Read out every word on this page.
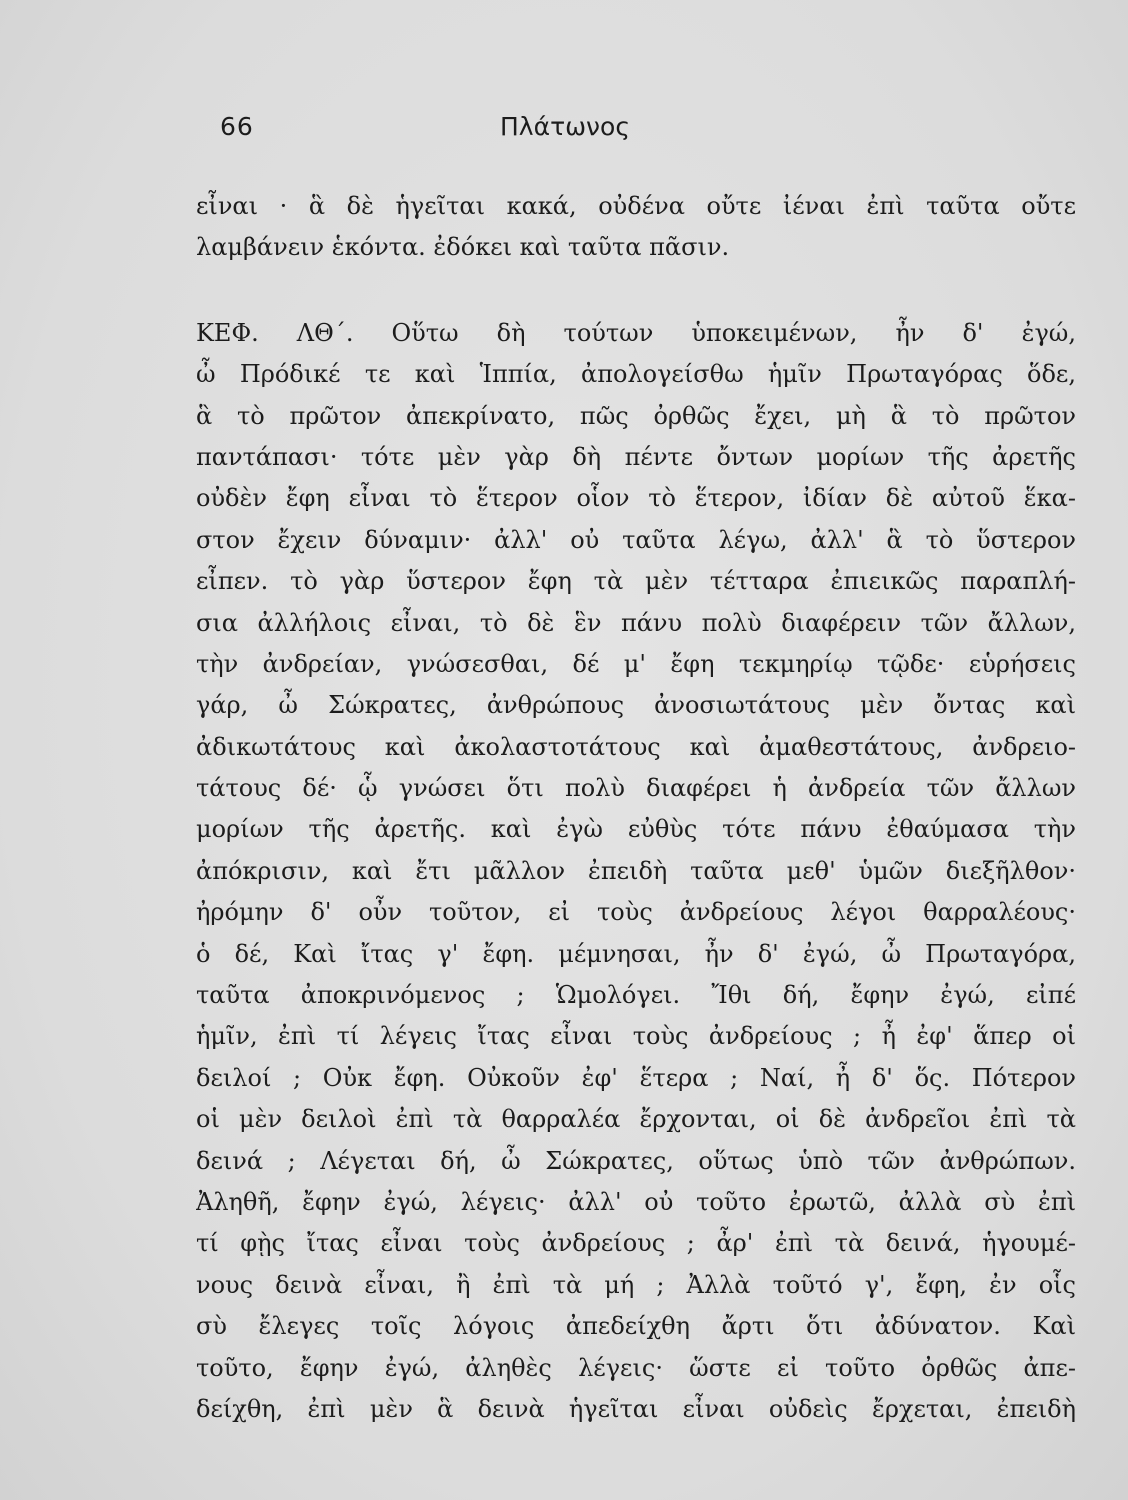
66	Πλάτωνος
εἶναι · ἃ δὲ ἡγεῖται κακά, οὐδένα οὔτε ἰέναι ἐπὶ ταῦτα οὔτε
λαμβάνειν ἑκόντα. ἐδόκει καὶ ταῦτα πᾶσιν.
ΚΕΦ. ΛΘ΄. Οὕτω δὴ τούτων ὑποκειμένων, ἦν δ' ἐγώ,
ὦ Πρόδικέ τε καὶ Ἱππία, ἀπολογείσθω ἡμῖν Πρωταγόρας ὅδε,
ἃ τὸ πρῶτον ἀπεκρίνατο, πῶς ὀρθῶς ἔχει, μὴ ἃ τὸ πρῶτον
παντάπασι· τότε μὲν γὰρ δὴ πέντε ὄντων μορίων τῆς ἀρετῆς
οὐδὲν ἔφη εἶναι τὸ ἕτερον οἷον τὸ ἕτερον, ἰδίαν δὲ αὐτοῦ ἕκα-
στον ἔχειν δύναμιν· ἀλλ' οὐ ταῦτα λέγω, ἀλλ' ἃ τὸ ὕστερον
εἶπεν. τὸ γὰρ ὕστερον ἔφη τὰ μὲν τέτταρα ἐπιεικῶς παραπλή-
σια ἀλλήλοις εἶναι, τὸ δὲ ἓν πάνυ πολὺ διαφέρειν τῶν ἄλλων,
τὴν ἀνδρείαν, γνώσεσθαι, δέ μ' ἔφη τεκμηρίῳ τῷδε· εὑρήσεις
γάρ, ὦ Σώκρατες, ἀνθρώπους ἀνοσιωτάτους μὲν ὄντας καὶ
ἀδικωτάτους καὶ ἀκολαστοτάτους καὶ ἀμαθεστάτους, ἀνδρειο-
τάτους δέ· ᾧ γνώσει ὅτι πολὺ διαφέρει ἡ ἀνδρεία τῶν ἄλλων
μορίων τῆς ἀρετῆς. καὶ ἐγὼ εὐθὺς τότε πάνυ ἐθαύμασα τὴν
ἀπόκρισιν, καὶ ἔτι μᾶλλον ἐπειδὴ ταῦτα μεθ' ὑμῶν διεξῆλθον·
ἠρόμην δ' οὖν τοῦτον, εἰ τοὺς ἀνδρείους λέγοι θαρραλέους·
ὁ δέ, Καὶ ἴτας γ' ἔφη. μέμνησαι, ἦν δ' ἐγώ, ὦ Πρωταγόρα,
ταῦτα ἀποκρινόμενος ; Ὡμολόγει. Ἴθι δή, ἔφην ἐγώ, εἰπέ
ἡμῖν, ἐπὶ τί λέγεις ἴτας εἶναι τοὺς ἀνδρείους ; ἦ ἐφ' ἅπερ οἱ
δειλοί ; Οὐκ ἔφη. Οὐκοῦν ἐφ' ἕτερα ; Ναί, ἦ δ' ὅς. Πότερον
οἱ μὲν δειλοὶ ἐπὶ τὰ θαρραλέα ἔρχονται, οἱ δὲ ἀνδρεῖοι ἐπὶ τὰ
δεινά ; Λέγεται δή, ὦ Σώκρατες, οὕτως ὑπὸ τῶν ἀνθρώπων.
Ἀληθῆ, ἔφην ἐγώ, λέγεις· ἀλλ' οὐ τοῦτο ἐρωτῶ, ἀλλὰ σὺ ἐπὶ
τί φῂς ἴτας εἶναι τοὺς ἀνδρείους ; ἆρ' ἐπὶ τὰ δεινά, ἡγουμέ-
νους δεινὰ εἶναι, ἢ ἐπὶ τὰ μή ; Ἀλλὰ τοῦτό γ', ἔφη, ἐν οἷς
σὺ ἔλεγες τοῖς λόγοις ἀπεδείχθη ἄρτι ὅτι ἀδύνατον. Καὶ
τοῦτο, ἔφην ἐγώ, ἀληθὲς λέγεις· ὥστε εἰ τοῦτο ὀρθῶς ἀπε-
δείχθη, ἐπὶ μὲν ἃ δεινὰ ἡγεῖται εἶναι οὐδεὶς ἔρχεται, ἐπειδὴ
